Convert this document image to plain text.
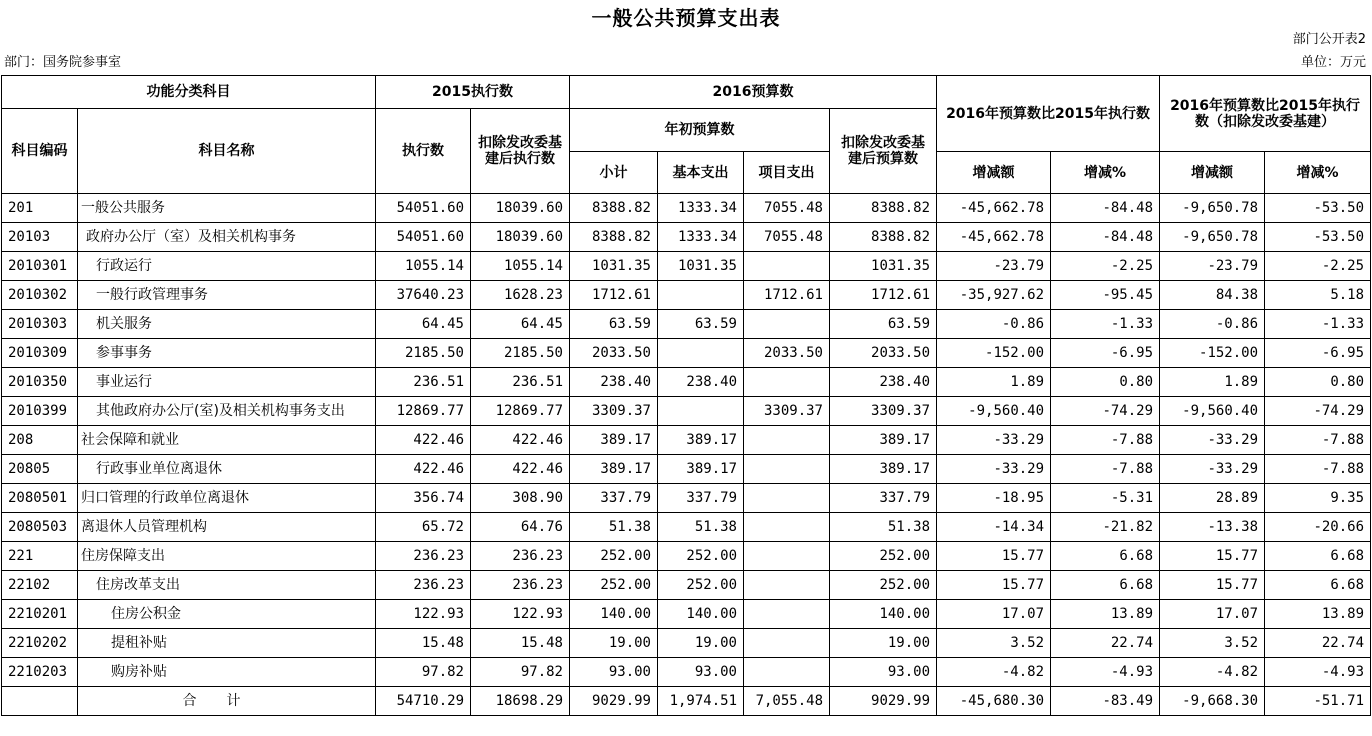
一般公共预算支出表
部门公开表2
部门：国务院参事室	单位：万元
功能分类科目		2015执行数		2016预算数				2016年预算数比2015年执行数		2016年预算数比2015年执行数（扣除发改委基建）	
科目编码	科目名称	执行数	扣除发改委基建后执行数	年初预算数			扣除发改委基建后预算数				
				小计	基本支出	项目支出		增减额	增减%	增减额	增减%
201	一般公共服务	54051.60	18039.60	8388.82	1333.34	7055.48	8388.82	-45,662.78	-84.48	-9,650.78	-53.50
20103	政府办公厅（室）及相关机构事务	54051.60	18039.60	8388.82	1333.34	7055.48	8388.82	-45,662.78	-84.48	-9,650.78	-53.50
2010301	行政运行	1055.14	1055.14	1031.35	1031.35		1031.35	-23.79	-2.25	-23.79	-2.25
2010302	一般行政管理事务	37640.23	1628.23	1712.61		1712.61	1712.61	-35,927.62	-95.45	84.38	5.18
2010303	机关服务	64.45	64.45	63.59	63.59		63.59	-0.86	-1.33	-0.86	-1.33
2010309	参事事务	2185.50	2185.50	2033.50		2033.50	2033.50	-152.00	-6.95	-152.00	-6.95
2010350	事业运行	236.51	236.51	238.40	238.40		238.40	1.89	0.80	1.89	0.80
2010399	其他政府办公厅(室)及相关机构事务支出	12869.77	12869.77	3309.37		3309.37	3309.37	-9,560.40	-74.29	-9,560.40	-74.29
208	社会保障和就业	422.46	422.46	389.17	389.17		389.17	-33.29	-7.88	-33.29	-7.88
20805	行政事业单位离退休	422.46	422.46	389.17	389.17		389.17	-33.29	-7.88	-33.29	-7.88
2080501	归口管理的行政单位离退休	356.74	308.90	337.79	337.79		337.79	-18.95	-5.31	28.89	9.35
2080503	离退休人员管理机构	65.72	64.76	51.38	51.38		51.38	-14.34	-21.82	-13.38	-20.66
221	住房保障支出	236.23	236.23	252.00	252.00		252.00	15.77	6.68	15.77	6.68
22102	住房改革支出	236.23	236.23	252.00	252.00		252.00	15.77	6.68	15.77	6.68
2210201	住房公积金	122.93	122.93	140.00	140.00		140.00	17.07	13.89	17.07	13.89
2210202	提租补贴	15.48	15.48	19.00	19.00		19.00	3.52	22.74	3.52	22.74
2210203	购房补贴	97.82	97.82	93.00	93.00		93.00	-4.82	-4.93	-4.82	-4.93
	合计	54710.29	18698.29	9029.99	1,974.51	7,055.48	9029.99	-45,680.30	-83.49	-9,668.30	-51.71
